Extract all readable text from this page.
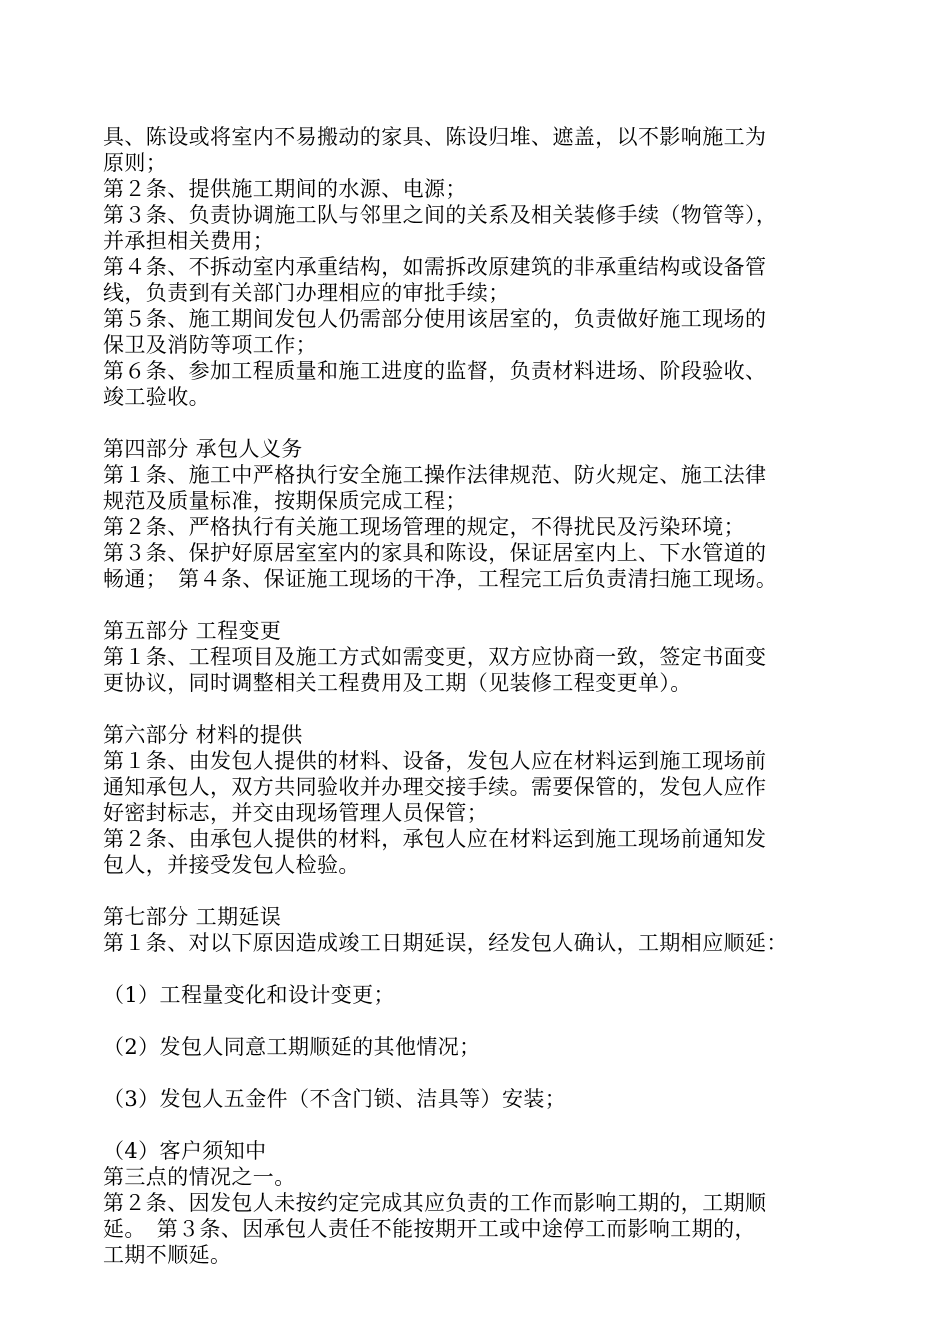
具、陈设或将室内不易搬动的家具、陈设归堆、遮盖，以不影响施工为
原则；
第２条、提供施工期间的水源、电源；
第３条、负责协调施工队与邻里之间的关系及相关装修手续（物管等），
并承担相关费用；
第４条、不拆动室内承重结构，如需拆改原建筑的非承重结构或设备管
线，负责到有关部门办理相应的审批手续；
第５条、施工期间发包人仍需部分使用该居室的，负责做好施工现场的
保卫及消防等项工作；
第６条、参加工程质量和施工进度的监督，负责材料进场、阶段验收、
竣工验收。
第四部分 承包人义务
第１条、施工中严格执行安全施工操作法律规范、防火规定、施工法律
规范及质量标准，按期保质完成工程；
第２条、严格执行有关施工现场管理的规定，不得扰民及污染环境；
第３条、保护好原居室室内的家具和陈设，保证居室内上、下水管道的
畅通；　第４条、保证施工现场的干净，工程完工后负责清扫施工现场。
第五部分 工程变更
第１条、工程项目及施工方式如需变更，双方应协商一致，签定书面变
更协议，同时调整相关工程费用及工期（见装修工程变更单）。
第六部分 材料的提供
第１条、由发包人提供的材料、设备，发包人应在材料运到施工现场前
通知承包人，双方共同验收并办理交接手续。需要保管的，发包人应作
好密封标志，并交由现场管理人员保管；
第２条、由承包人提供的材料，承包人应在材料运到施工现场前通知发
包人，并接受发包人检验。
第七部分 工期延误
第１条、对以下原因造成竣工日期延误，经发包人确认，工期相应顺延：
（1）工程量变化和设计变更；
（2）发包人同意工期顺延的其他情况；
（3）发包人五金件（不含门锁、洁具等）安装；
（4）客户须知中
第三点的情况之一。
第２条、因发包人未按约定完成其应负责的工作而影响工期的，工期顺
延。　第３条、因承包人责任不能按期开工或中途停工而影响工期的，
工期不顺延。
